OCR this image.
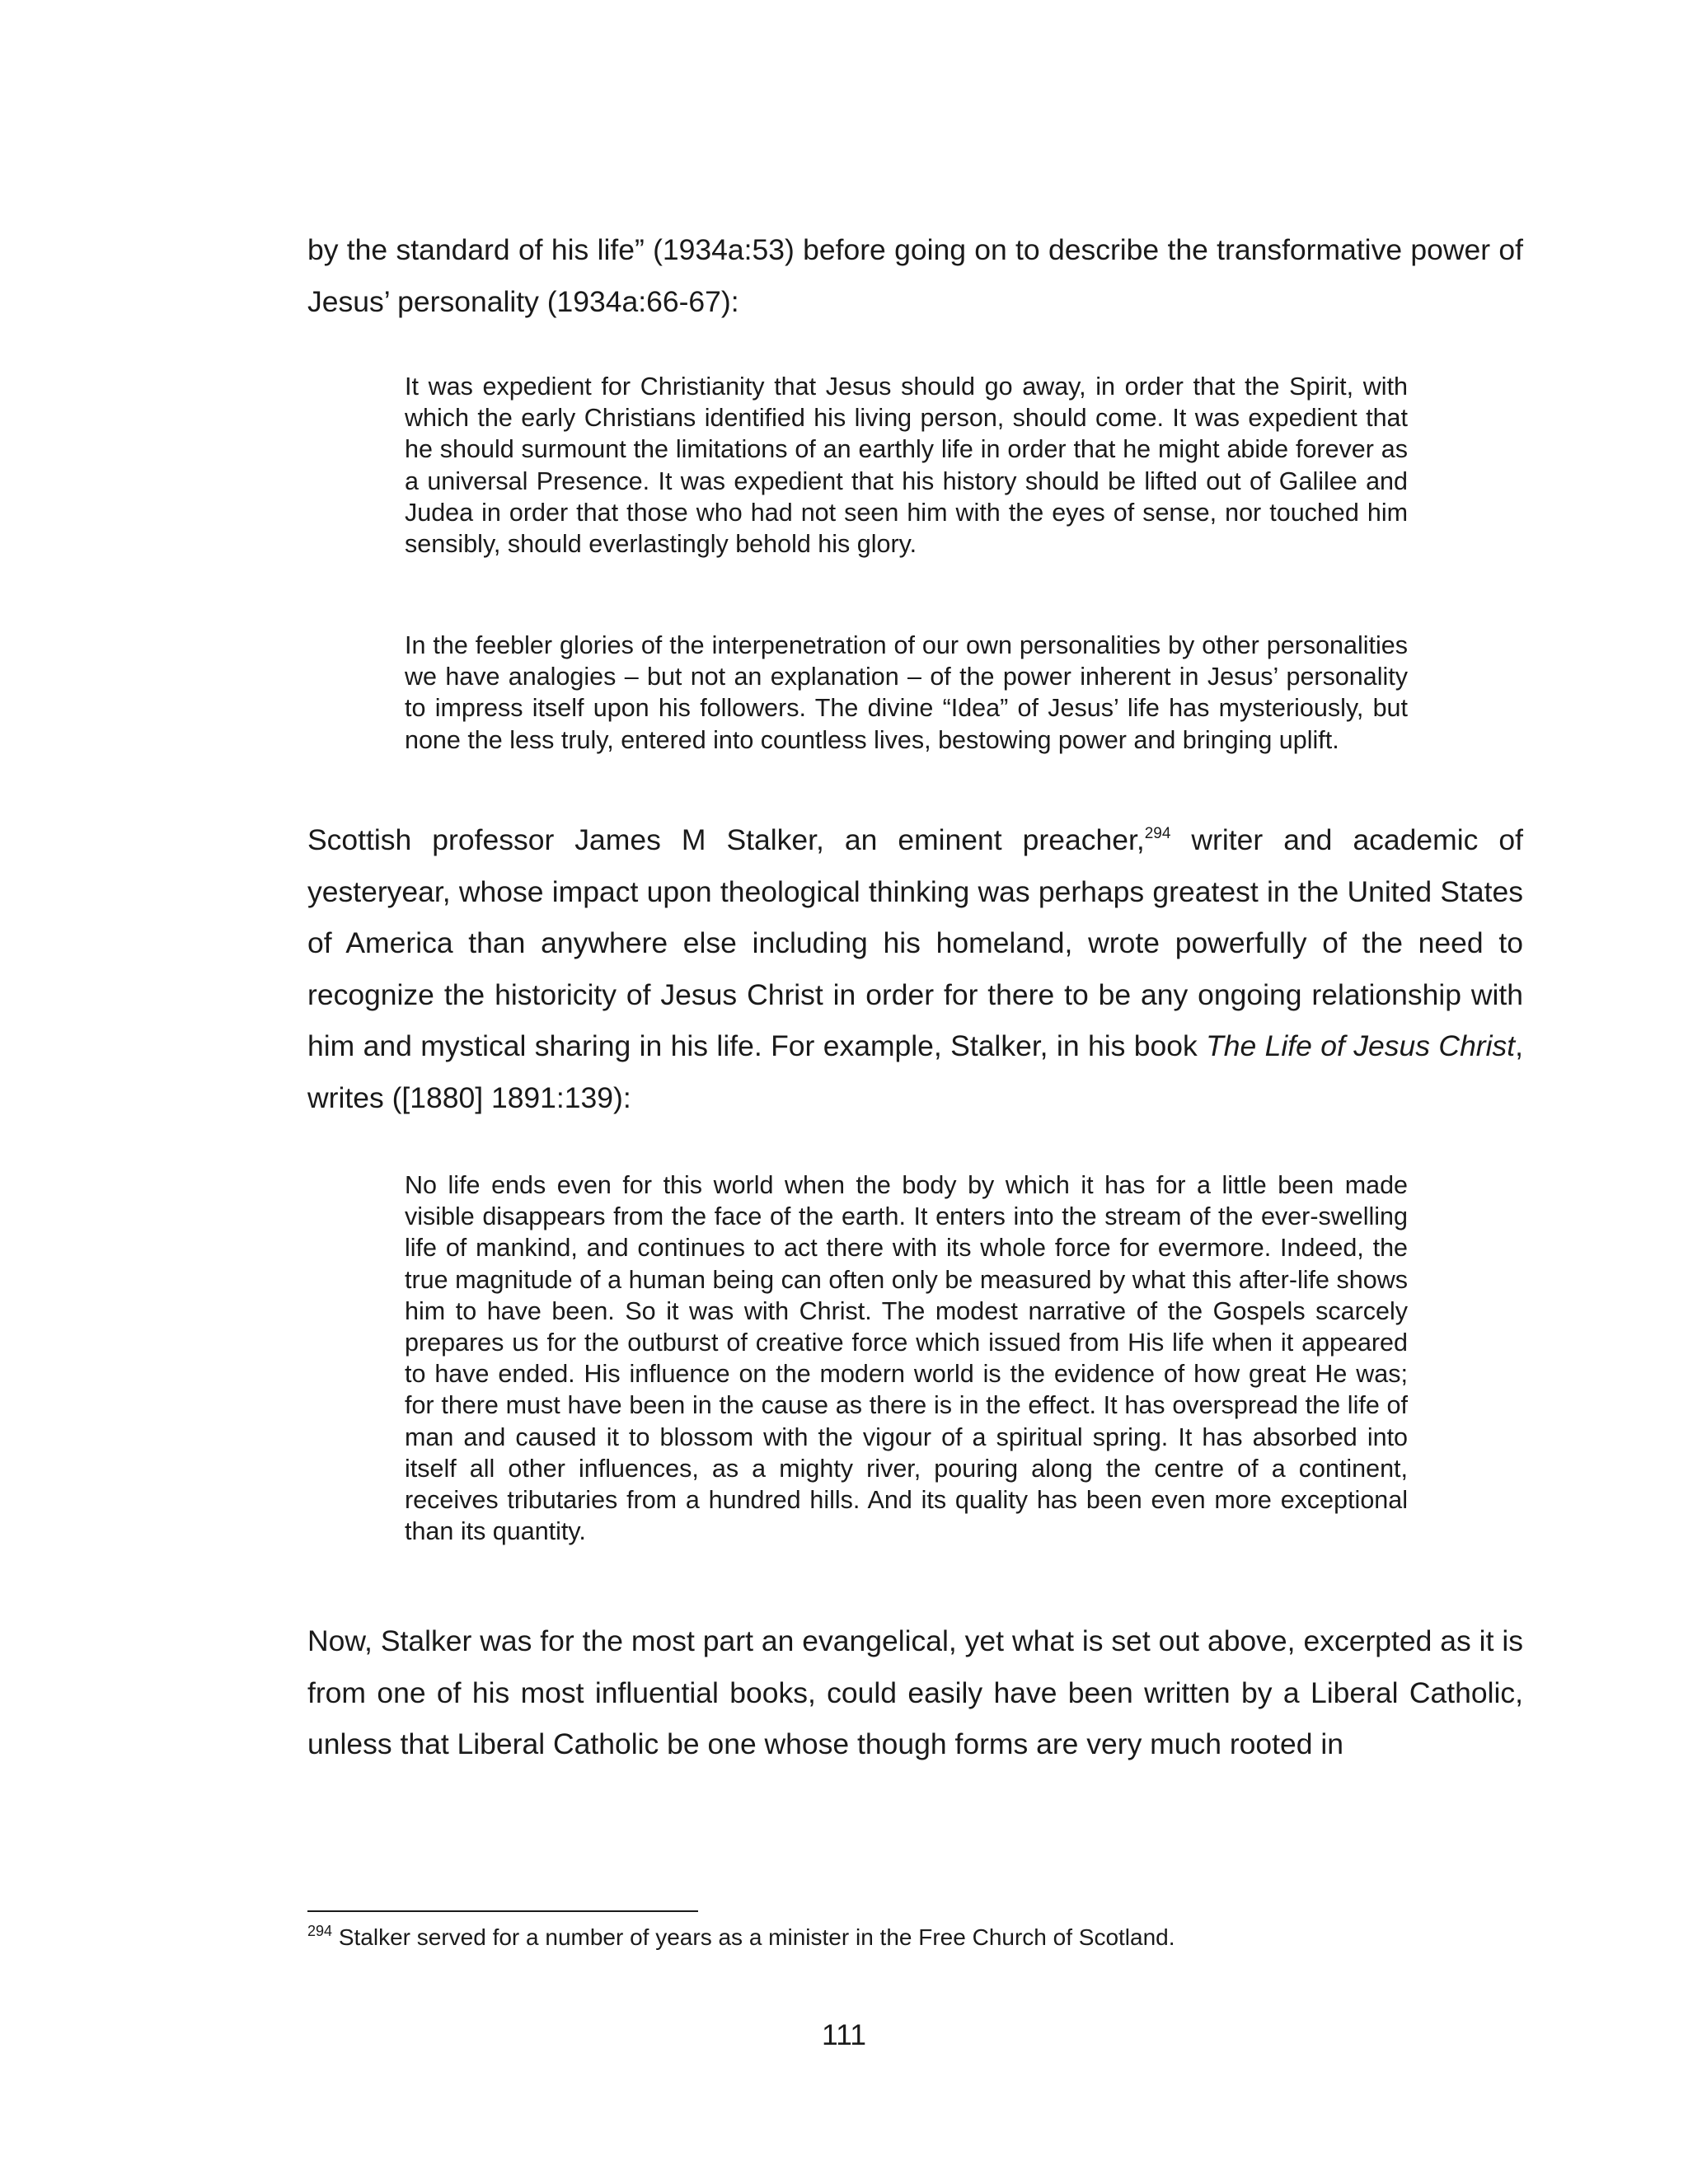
by the standard of his life” (1934a:53) before going on to describe the transformative power of Jesus’ personality (1934a:66-67):

It was expedient for Christianity that Jesus should go away, in order that the Spirit, with which the early Christians identified his living person, should come. It was expedient that he should surmount the limitations of an earthly life in order that he might abide forever as a universal Presence. It was expedient that his history should be lifted out of Galilee and Judea in order that those who had not seen him with the eyes of sense, nor touched him sensibly, should everlastingly behold his glory.

In the feebler glories of the interpenetration of our own personalities by other personalities we have analogies – but not an explanation – of the power inherent in Jesus’ personality to impress itself upon his followers. The divine “Idea” of Jesus’ life has mysteriously, but none the less truly, entered into countless lives, bestowing power and bringing uplift.

Scottish professor James M Stalker, an eminent preacher,$^{294}$ writer and academic of yesteryear, whose impact upon theological thinking was perhaps greatest in the United States of America than anywhere else including his homeland, wrote powerfully of the need to recognize the historicity of Jesus Christ in order for there to be any ongoing relationship with him and mystical sharing in his life. For example, Stalker, in his book The Life of Jesus Christ, writes ([1880] 1891:139):

No life ends even for this world when the body by which it has for a little been made visible disappears from the face of the earth. It enters into the stream of the ever-swelling life of mankind, and continues to act there with its whole force for evermore. Indeed, the true magnitude of a human being can often only be measured by what this after-life shows him to have been. So it was with Christ. The modest narrative of the Gospels scarcely prepares us for the outburst of creative force which issued from His life when it appeared to have ended. His influence on the modern world is the evidence of how great He was; for there must have been in the cause as there is in the effect. It has overspread the life of man and caused it to blossom with the vigour of a spiritual spring. It has absorbed into itself all other influences, as a mighty river, pouring along the centre of a continent, receives tributaries from a hundred hills. And its quality has been even more exceptional than its quantity.

Now, Stalker was for the most part an evangelical, yet what is set out above, excerpted as it is from one of his most influential books, could easily have been written by a Liberal Catholic, unless that Liberal Catholic be one whose though forms are very much rooted in

$^{294}$ Stalker served for a number of years as a minister in the Free Church of Scotland.

111
